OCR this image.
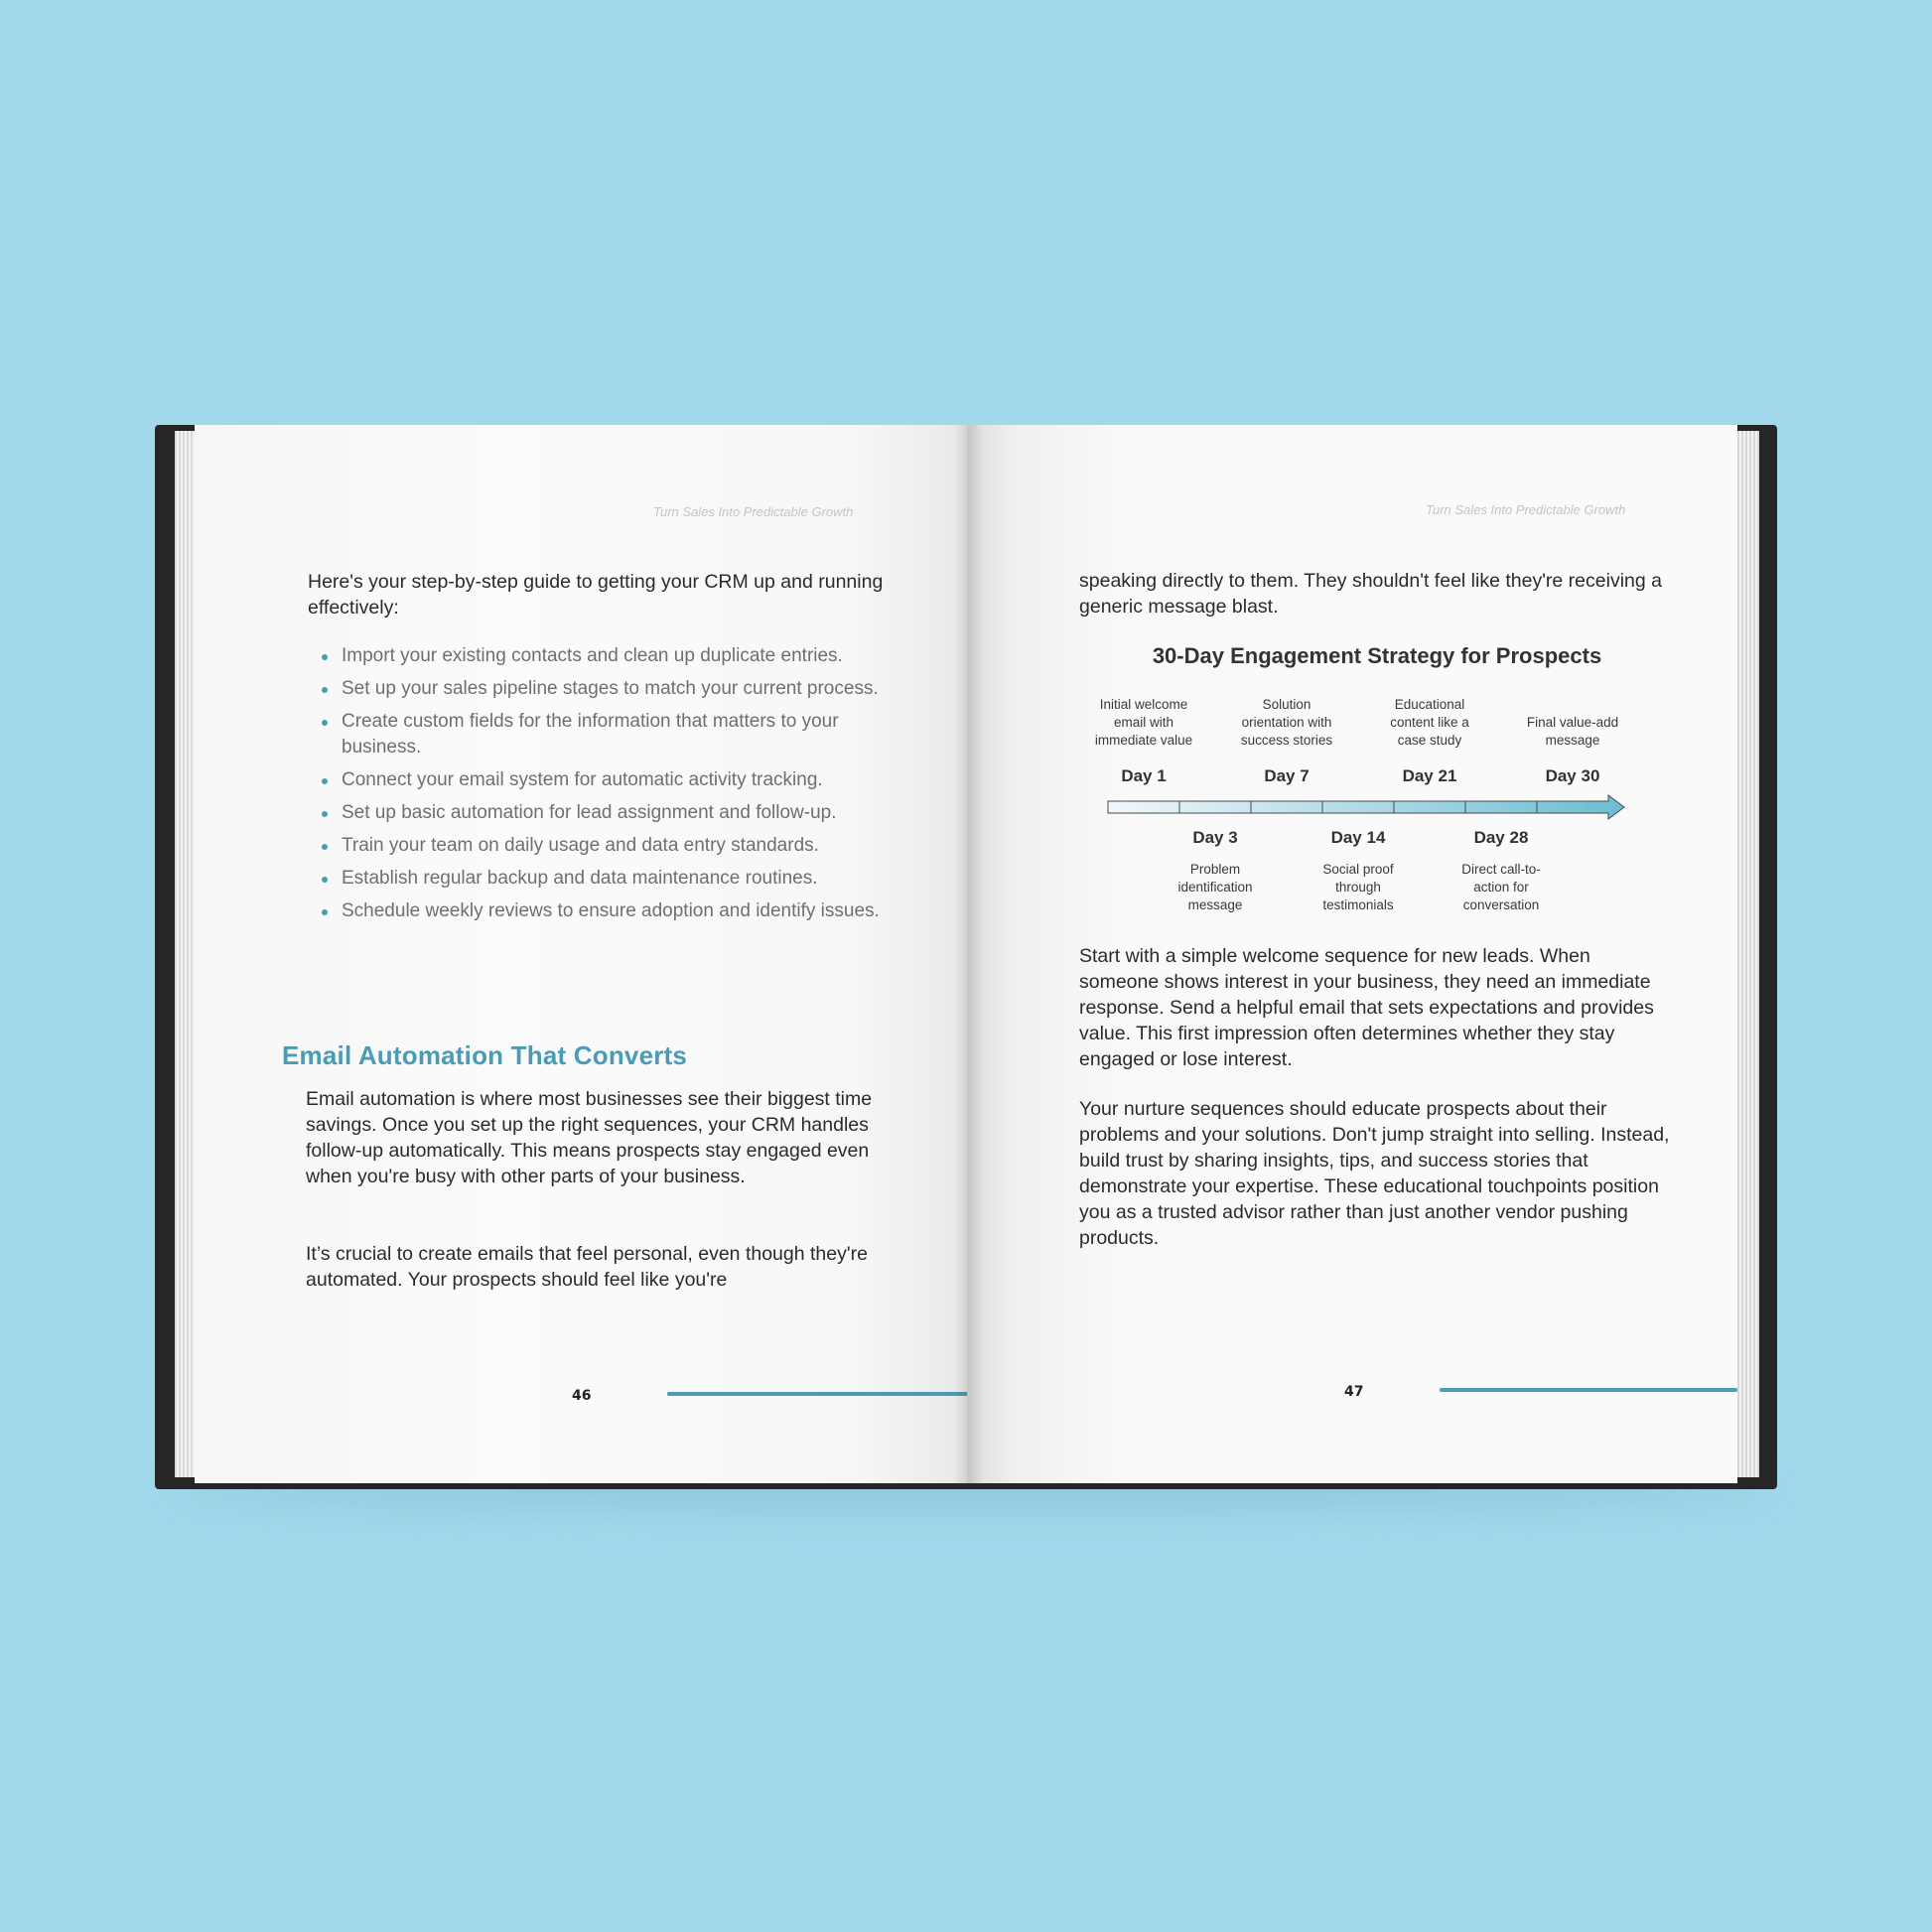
Turn Sales Into Predictable Growth

Here's your step-by-step guide to getting your CRM up and running effectively:

Import your existing contacts and clean up duplicate entries.
Set up your sales pipeline stages to match your current process.
Create custom fields for the information that matters to your business.
Connect your email system for automatic activity tracking.
Set up basic automation for lead assignment and follow-up.
Train your team on daily usage and data entry standards.
Establish regular backup and data maintenance routines.
Schedule weekly reviews to ensure adoption and identify issues.
Email Automation That Converts

Email automation is where most businesses see their biggest time savings. Once you set up the right sequences, your CRM handles follow-up automatically. This means prospects stay engaged even when you're busy with other parts of your business.

It’s crucial to create emails that feel personal, even though they're automated. Your prospects should feel like you're

46
Turn Sales Into Predictable Growth

speaking directly to them. They shouldn't feel like they're receiving a generic message blast.

30-Day Engagement Strategy for Prospects
Day 1
Initial welcome
email with
immediate value
Day 3
Problem
identification
message
Day 7
Solution
orientation with
success stories
Day 14
Social proof
through
testimonials
Day 21
Educational
content like a
case study
Day 28
Direct call-to-
action for
conversation
Day 30
Final value-add
message

Start with a simple welcome sequence for new leads. When someone shows interest in your business, they need an immediate response. Send a helpful email that sets expectations and provides value. This first impression often determines whether they stay engaged or lose interest.

Your nurture sequences should educate prospects about their problems and your solutions. Don't jump straight into selling. Instead, build trust by sharing insights, tips, and success stories that demonstrate your expertise. These educational touchpoints position you as a trusted advisor rather than just another vendor pushing products.

47
